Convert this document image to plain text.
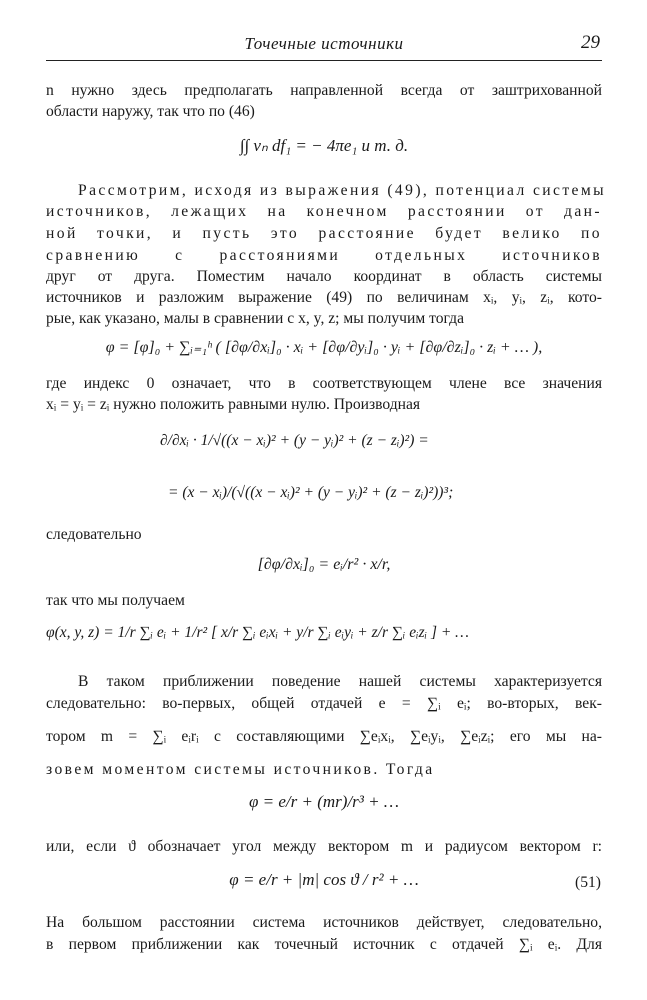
Точечные источники	29
n нужно здесь предполагать направленной всегда от заштрихованной
области наружу, так что по (46)
∫∫ vₙ df₁ = − 4πe₁ и т. д.
Рассмотрим, исходя из выражения (49), потенциал системы
источников, лежащих на конечном расстоянии от дан-
ной точки, и пусть это расстояние будет велико по
сравнению с расстояниями отдельных источников
друг от друга. Поместим начало координат в область системы
источников и разложим выражение (49) по величинам xᵢ, yᵢ, zᵢ, кото-
рые, как указано, малы в сравнении с x, y, z; мы получим тогда
φ = [φ]₀ + ∑ᵢ₌₁ʰ ( [∂φ/∂xᵢ]₀ · xᵢ + [∂φ/∂yᵢ]₀ · yᵢ + [∂φ/∂zᵢ]₀ · zᵢ + … ),
где индекс 0 означает, что в соответствующем члене все значения
xᵢ = yᵢ = zᵢ нужно положить равными нулю. Производная
∂/∂xᵢ · 1/√((x − xᵢ)² + (y − yᵢ)² + (z − zᵢ)²) =
= (x − xᵢ)/(√((x − xᵢ)² + (y − yᵢ)² + (z − zᵢ)²))³;
следовательно
[∂φ/∂xᵢ]₀ = eᵢ/r² · x/r,
так что мы получаем
φ(x, y, z) = 1/r ∑ᵢ eᵢ + 1/r² [ x/r ∑ᵢ eᵢxᵢ + y/r ∑ᵢ eᵢyᵢ + z/r ∑ᵢ eᵢzᵢ ] + …
В таком приближении поведение нашей системы характеризуется
следовательно: во-первых, общей отдачей e = ∑ᵢ eᵢ; во-вторых, век-
тором m = ∑ᵢ eᵢrᵢ с составляющими ∑eᵢxᵢ, ∑eᵢyᵢ, ∑eᵢzᵢ; его мы на-
зовем моментом системы источников. Тогда
φ = e/r + (mr)/r³ + …
или, если ϑ обозначает угол между вектором m и радиусом вектором r:
φ = e/r + |m| cos ϑ / r² + …	(51)
На большом расстоянии система источников действует, следовательно,
в первом приближении как точечный источник с отдачей ∑ᵢ eᵢ. Для
